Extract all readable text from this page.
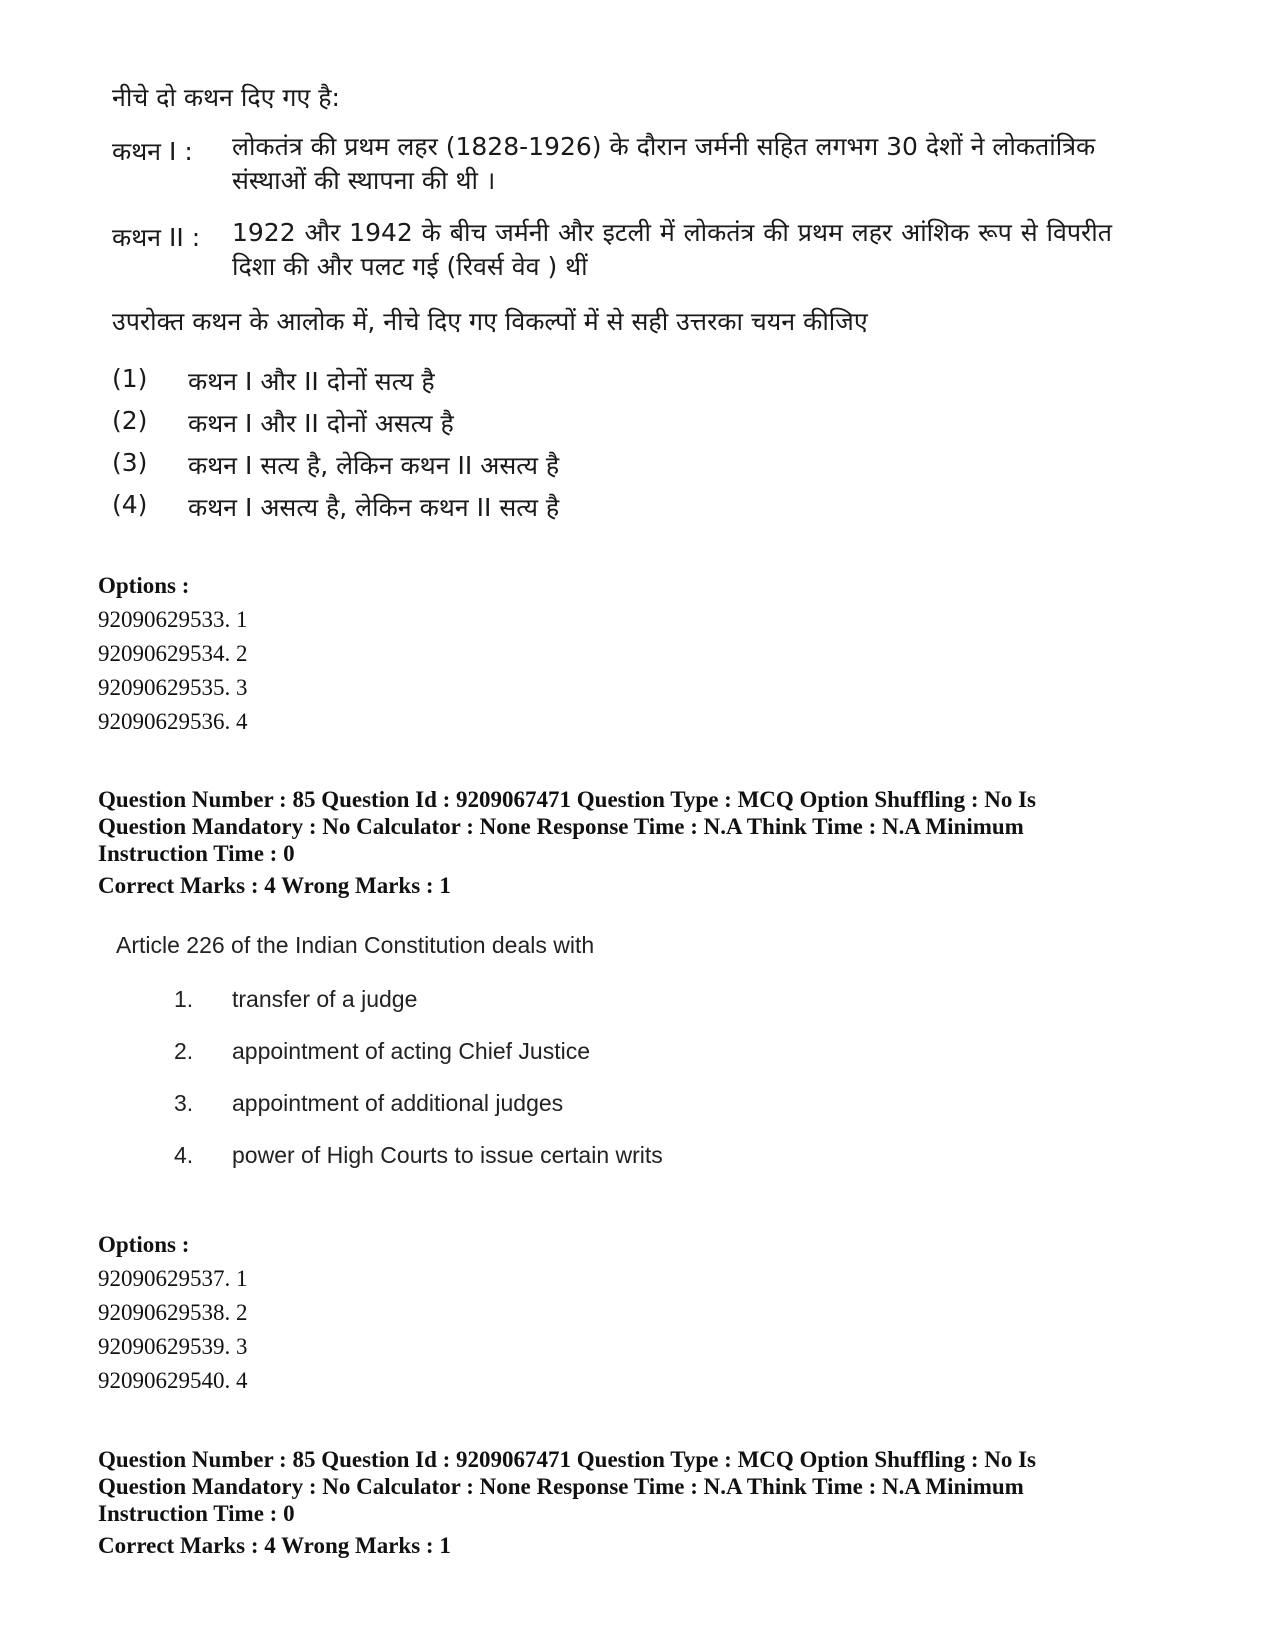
नीचे दो कथन दिए गए है:
कथन I : लोकतंत्र की प्रथम लहर (1828-1926) के दौरान जर्मनी सहित लगभग 30 देशों ने लोकतांत्रिक संस्थाओं की स्थापना की थी ।
कथन II : 1922 और 1942 के बीच जर्मनी और इटली में लोकतंत्र की प्रथम लहर आंशिक रूप से विपरीत दिशा की और पलट गई (रिवर्स वेव ) थीं
उपरोक्त कथन के आलोक में, नीचे दिए गए विकल्पों में से सही उत्तरका चयन कीजिए
(1)	कथन I और II दोनों सत्य है
(2)	कथन I और II दोनों असत्य है
(3)	कथन I सत्य है, लेकिन कथन II असत्य है
(4)	कथन I असत्य है, लेकिन कथन II सत्य है
Options :
92090629533. 1
92090629534. 2
92090629535. 3
92090629536. 4
Question Number : 85 Question Id : 9209067471 Question Type : MCQ Option Shuffling : No Is
Question Mandatory : No Calculator : None Response Time : N.A Think Time : N.A Minimum
Instruction Time : 0
Correct Marks : 4 Wrong Marks : 1
Article 226 of the Indian Constitution deals with
1. transfer of a judge
2. appointment of acting Chief Justice
3. appointment of additional judges
4. power of High Courts to issue certain writs
Options :
92090629537. 1
92090629538. 2
92090629539. 3
92090629540. 4
Question Number : 85 Question Id : 9209067471 Question Type : MCQ Option Shuffling : No Is
Question Mandatory : No Calculator : None Response Time : N.A Think Time : N.A Minimum
Instruction Time : 0
Correct Marks : 4 Wrong Marks : 1
